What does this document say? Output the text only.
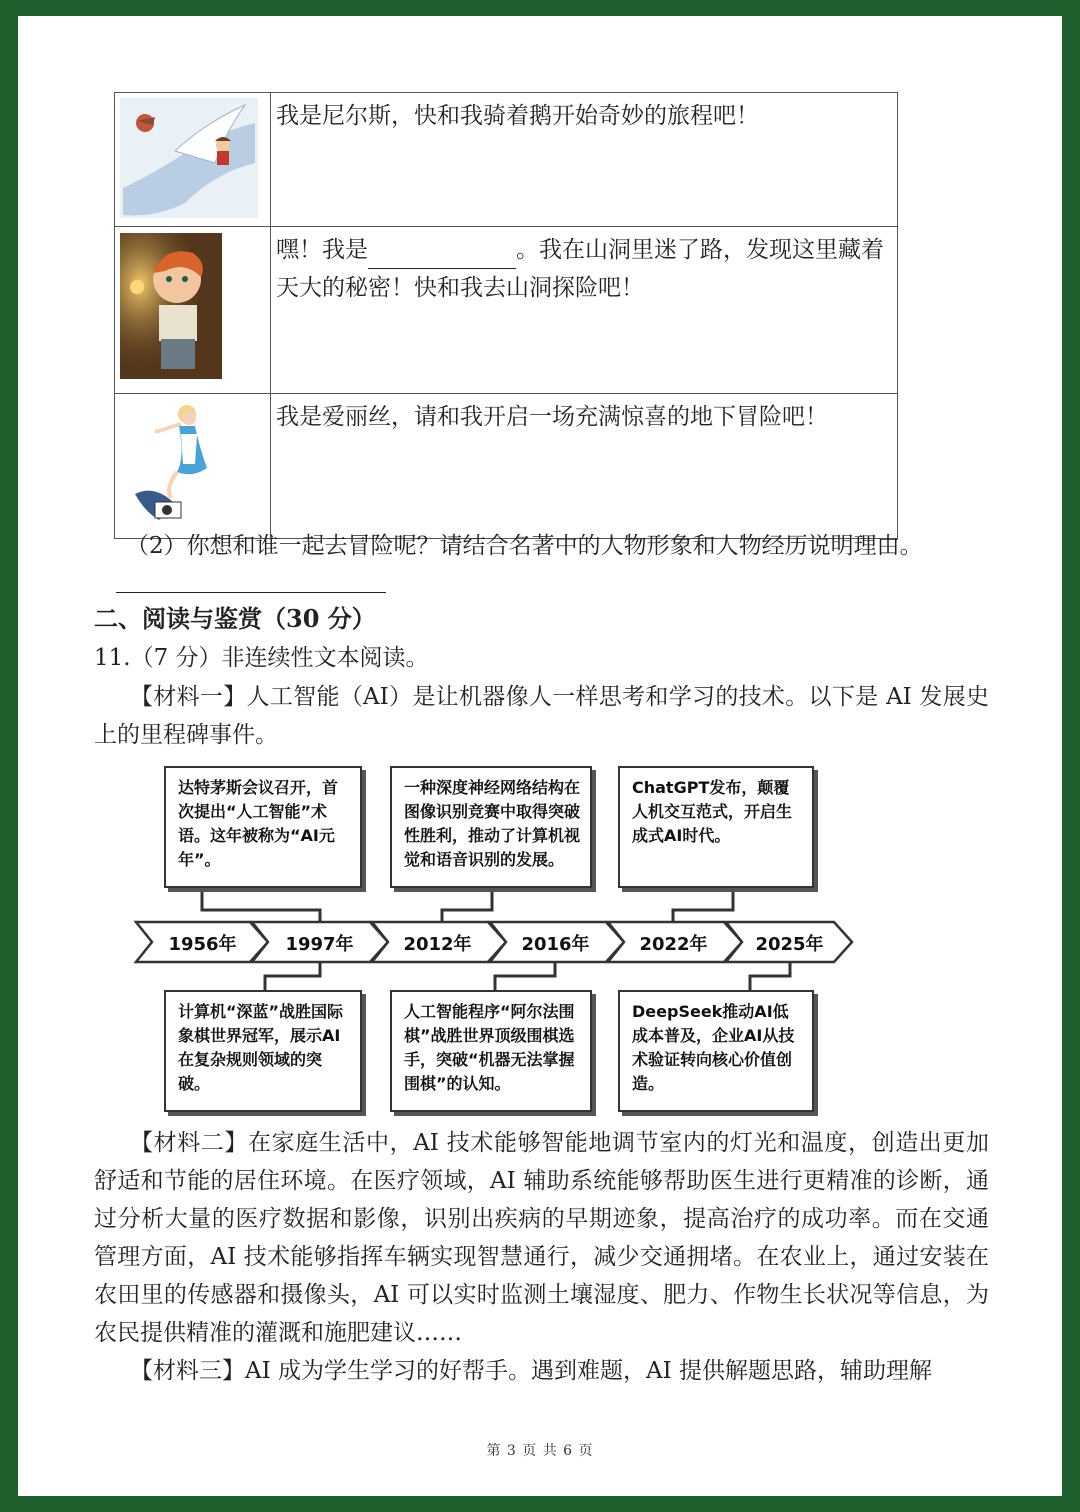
	我是尼尔斯，快和我骑着鹅开始奇妙的旅程吧！
	嘿！我是 。我在山洞里迷了路，发现这里藏着天大的秘密！快和我去山洞探险吧！
	我是爱丽丝，请和我开启一场充满惊喜的地下冒险吧！
（2）你想和谁一起去冒险呢？请结合名著中的人物形象和人物经历说明理由。
二、阅读与鉴赏（30 分）
11.（7 分）非连续性文本阅读。
【材料一】人工智能（AI）是让机器像人一样思考和学习的技术。以下是 AI 发展史上的里程碑事件。
1956年	1997年	2012年	2016年	2022年	2025年
达特茅斯会议召开，首次提出“人工智能”术语。这年被称为“AI元年”。
一种深度神经网络结构在图像识别竞赛中取得突破性胜利，推动了计算机视觉和语音识别的发展。
ChatGPT发布，颠覆人机交互范式，开启生成式AI时代。
计算机“深蓝”战胜国际象棋世界冠军，展示AI在复杂规则领域的突破。
人工智能程序“阿尔法围棋”战胜世界顶级围棋选手，突破“机器无法掌握围棋”的认知。
DeepSeek推动AI低成本普及，企业AI从技术验证转向核心价值创造。
【材料二】在家庭生活中，AI 技术能够智能地调节室内的灯光和温度，创造出更加舒适和节能的居住环境。在医疗领域，AI 辅助系统能够帮助医生进行更精准的诊断，通过分析大量的医疗数据和影像，识别出疾病的早期迹象，提高治疗的成功率。而在交通管理方面，AI 技术能够指挥车辆实现智慧通行，减少交通拥堵。在农业上，通过安装在农田里的传感器和摄像头，AI 可以实时监测土壤湿度、肥力、作物生长状况等信息，为农民提供精准的灌溉和施肥建议……
【材料三】AI 成为学生学习的好帮手。遇到难题，AI 提供解题思路，辅助理解
第 3 页 共 6 页
